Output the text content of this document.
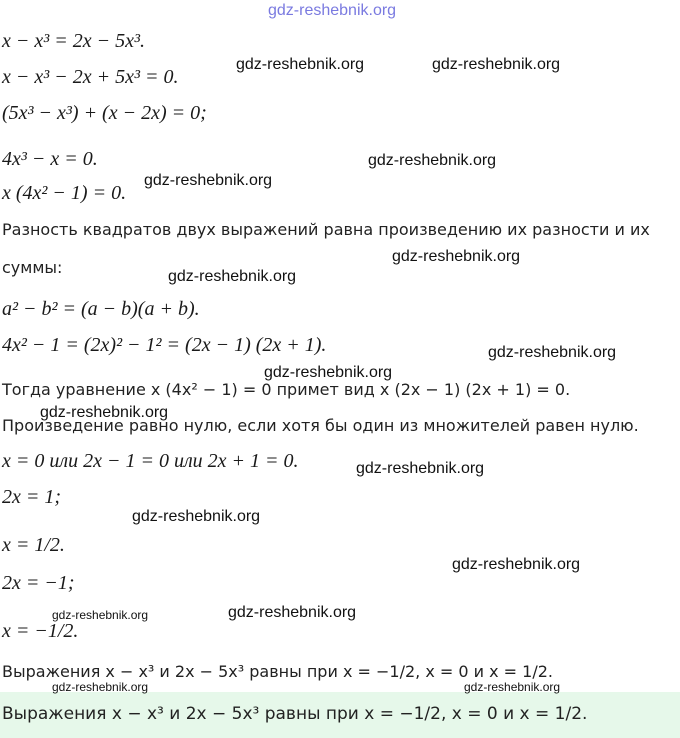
gdz-reshebnik.org
x − x³ = 2x − 5x³.
x − x³ − 2x + 5x³ = 0.
(5x³ − x³) + (x − 2x) = 0;
4x³ − x = 0.
x (4x² − 1) = 0.
Разность квадратов двух выражений равна произведению их разности и их
суммы:
a² − b² = (a − b)(a + b).
4x² − 1 = (2x)² − 1² = (2x − 1) (2x + 1).
Тогда уравнение x (4x² − 1) = 0 примет вид x (2x − 1) (2x + 1) = 0.
Произведение равно нулю, если хотя бы один из множителей равен нулю.
x = 0 или 2x − 1 = 0 или 2x + 1 = 0.
2x = 1;
x = 1/2.
2x = −1;
x = −1/2.
Выражения x − x³ и 2x − 5x³ равны при x = −1/2, x = 0 и x = 1/2.
Выражения x − x³ и 2x − 5x³ равны при x = −1/2, x = 0 и x = 1/2.
gdz-reshebnik.org	gdz-reshebnik.org
gdz-reshebnik.org
gdz-reshebnik.org
gdz-reshebnik.org
gdz-reshebnik.org
gdz-reshebnik.org
gdz-reshebnik.org
gdz-reshebnik.org
gdz-reshebnik.org
gdz-reshebnik.org
gdz-reshebnik.org
gdz-reshebnik.org
gdz-reshebnik.org
gdz-reshebnik.org	gdz-reshebnik.org
